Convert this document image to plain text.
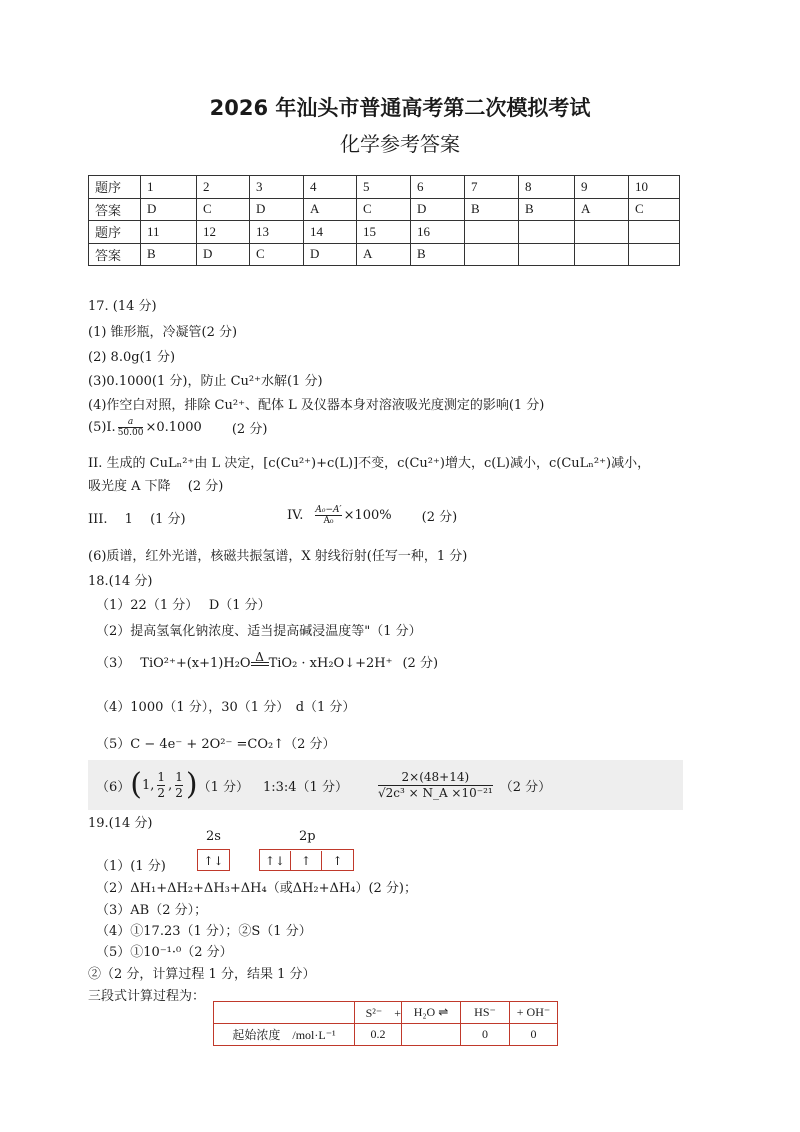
2026 年汕头市普通高考第二次模拟考试
化学参考答案
题序	1	2	3	4	5	6	7	8	9	10
答案	D	C	D	A	C	D	B	B	A	C
题序	11	12	13	14	15	16				
答案	B	D	C	D	A	B				
17. (14 分)
(1) 锥形瓶，冷凝管(2 分)
(2) 8.0g(1 分)
(3)0.1000(1 分)，防止 Cu²⁺水解(1 分)
(4)作空白对照，排除 Cu²⁺、配体 L 及仪器本身对溶液吸光度测定的影响(1 分)
(5)I. $\frac{a}{50.00} \times 0.1000$ (2 分)
II. 生成的 CuLₙ²⁺由 L 决定，[c(Cu²⁺)+c(L)]不变，c(Cu²⁺)增大，c(L)减小，c(CuLₙ²⁺)减小，
吸光度 A 下降　 (2 分)
III.　 1　 (1 分)	IV. $\frac{\text{A₀−A′}}{\text{A₀}} \times 100\%$ (2 分)
(6)质谱，红外光谱，核磁共振氢谱，X 射线衍射(任写一种，1 分)
18.(14 分)
（1）22（1 分）　 D（1 分）
（2）提高氢氧化钠浓度、适当提高碱浸温度等"（1 分）
（3） TiO²⁺+(x+1)H₂O Δ TiO₂ · xH₂O↓+2H⁺ (2 分)
（4）1000（1 分），30（1 分）　d（1 分）
（5）C − 4e⁻ + 2O²⁻ =CO₂↑（2 分）
（6） ( 1 , $\frac{1}{2}$ , $\frac{1}{2}$ ) （1 分） 1:3:4（1 分）	$\frac{2\times(48+14)}{\text{√2c³ × N\_A ×10⁻²¹}} (2$ 分）
19.(14 分)
2s	2p
（1）(1 分)	↑↓	↑↓ ↑ ↑
（2）ΔH₁+ΔH₂+ΔH₃+ΔH₄（或ΔH₂+ΔH₄）(2 分)；
（3）AB（2 分）；
（4）①17.23（1 分）；②S（1 分）
（5）①10⁻¹·⁰（2 分）
②（2 分，计算过程 1 分，结果 1 分）
三段式计算过程为：
	S²⁻　+	H₂O ⇌	HS⁻	+ OH⁻
起始浓度　/mol·L⁻¹	0.2		0	0
